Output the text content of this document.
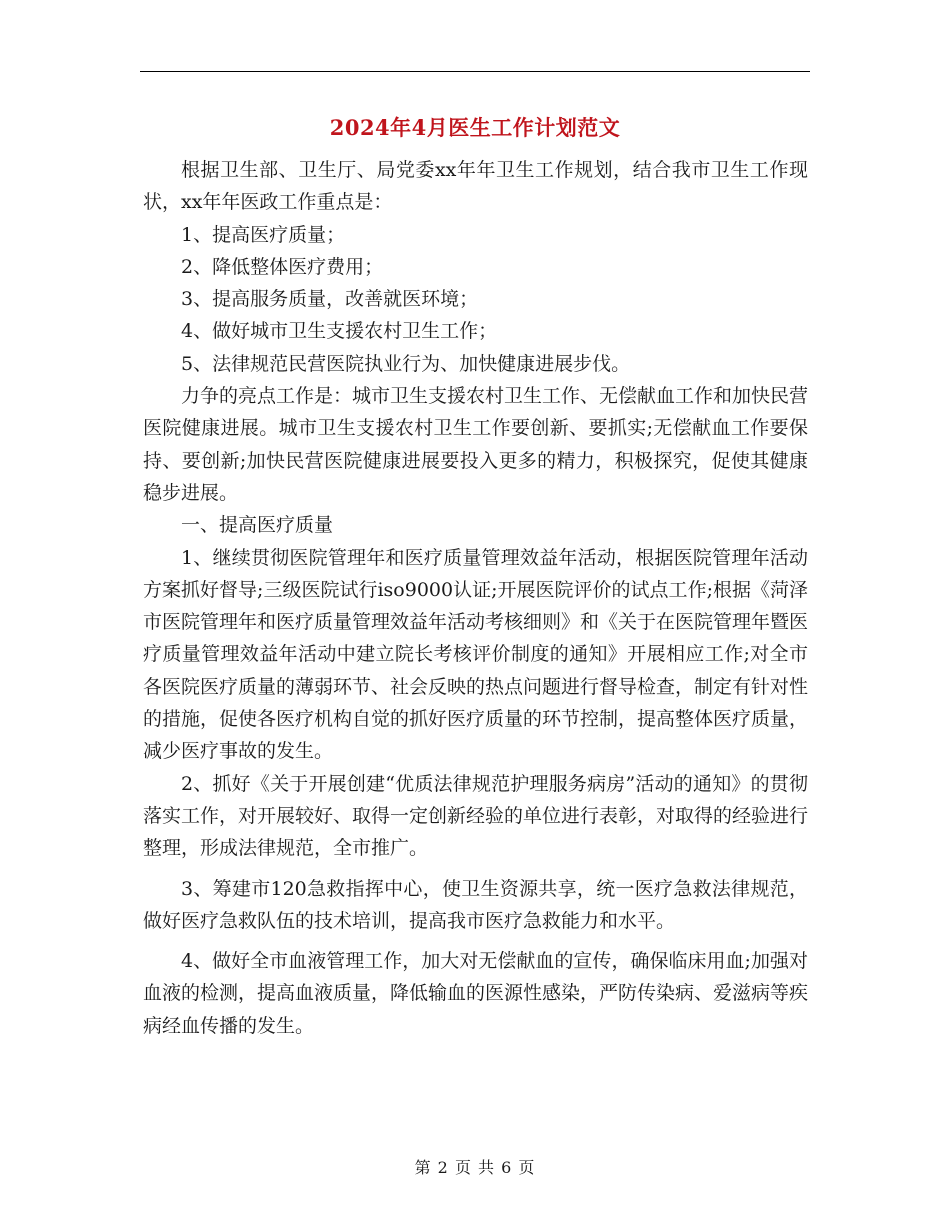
2024年4月医生工作计划范文

根据卫生部、卫生厅、局党委xx年年卫生工作规划，结合我市卫生工作现状，xx年年医政工作重点是：

1、提高医疗质量；

2、降低整体医疗费用；

3、提高服务质量，改善就医环境；

4、做好城市卫生支援农村卫生工作；

5、法律规范民营医院执业行为、加快健康进展步伐。

力争的亮点工作是：城市卫生支援农村卫生工作、无偿献血工作和加快民营医院健康进展。城市卫生支援农村卫生工作要创新、要抓实;无偿献血工作要保持、要创新;加快民营医院健康进展要投入更多的精力，积极探究，促使其健康稳步进展。

一、提高医疗质量

1、继续贯彻医院管理年和医疗质量管理效益年活动，根据医院管理年活动方案抓好督导;三级医院试行iso9000认证;开展医院评价的试点工作;根据《菏泽市医院管理年和医疗质量管理效益年活动考核细则》和《关于在医院管理年暨医疗质量管理效益年活动中建立院长考核评价制度的通知》开展相应工作;对全市各医院医疗质量的薄弱环节、社会反映的热点问题进行督导检查，制定有针对性的措施，促使各医疗机构自觉的抓好医疗质量的环节控制，提高整体医疗质量，减少医疗事故的发生。

2、抓好《关于开展创建“优质法律规范护理服务病房”活动的通知》的贯彻落实工作，对开展较好、取得一定创新经验的单位进行表彰，对取得的经验进行整理，形成法律规范，全市推广。

3、筹建市120急救指挥中心，使卫生资源共享，统一医疗急救法律规范，做好医疗急救队伍的技术培训，提高我市医疗急救能力和水平。

4、做好全市血液管理工作，加大对无偿献血的宣传，确保临床用血;加强对血液的检测，提高血液质量，降低输血的医源性感染，严防传染病、爱滋病等疾病经血传播的发生。

第 2 页 共 6 页
